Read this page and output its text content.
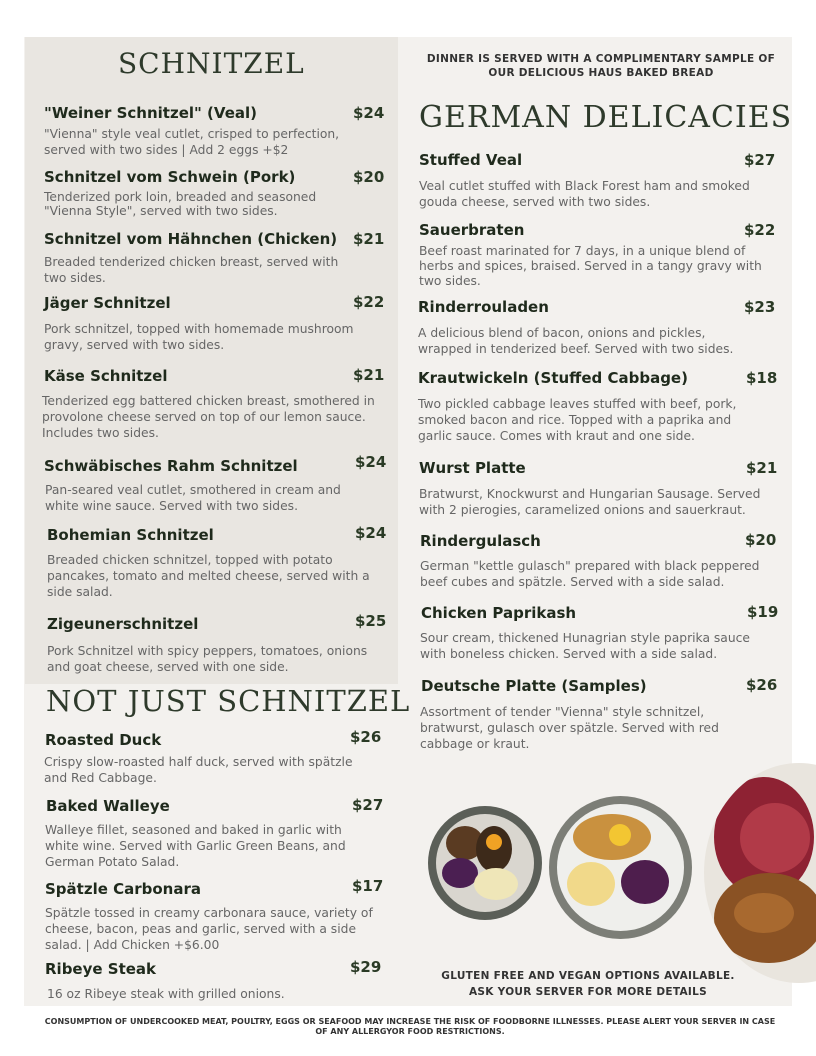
SCHNITZEL
GERMAN DELICACIES
NOT JUST SCHNITZEL
DINNER IS SERVED WITH A COMPLIMENTARY SAMPLE OF OUR DELICIOUS HAUS BAKED BREAD
"Weiner Schnitzel" (Veal)	$24
"Vienna" style veal cutlet, crisped to perfection, served with two sides | Add 2 eggs +$2
Schnitzel vom Schwein (Pork)	$20
Tenderized pork loin, breaded and seasoned "Vienna Style", served with two sides.
Schnitzel vom Hähnchen (Chicken) $21
Breaded tenderized chicken breast, served with two sides.
Jäger Schnitzel	$22
Pork schnitzel, topped with homemade mushroom gravy, served with two sides.
Käse Schnitzel	$21
Tenderized egg battered chicken breast, smothered in provolone cheese served on top of our lemon sauce. Includes two sides.
Schwäbisches Rahm Schnitzel	$24
Pan-seared veal cutlet, smothered in cream and white wine sauce. Served with two sides.
Bohemian Schnitzel	$24
Breaded chicken schnitzel, topped with potato pancakes, tomato and melted cheese, served with a side salad.
Zigeunerschnitzel	$25
Pork Schnitzel with spicy peppers, tomatoes, onions and goat cheese, served with one side.
Roasted Duck	$26
Crispy slow-roasted half duck, served with spätzle and Red Cabbage.
Baked Walleye	$27
Walleye fillet, seasoned and baked in garlic with white wine. Served with Garlic Green Beans, and German Potato Salad.
Spätzle Carbonara	$17
Spätzle tossed in creamy carbonara sauce, variety of cheese, bacon, peas and garlic, served with a side salad. | Add Chicken +$6.00
Ribeye Steak	$29
16 oz Ribeye steak with grilled onions.
Stuffed Veal	$27
Veal cutlet stuffed with Black Forest ham and smoked gouda cheese, served with two sides.
Sauerbraten	$22
Beef roast marinated for 7 days, in a unique blend of herbs and spices, braised. Served in a tangy gravy with two sides.
Rinderrouladen	$23
A delicious blend of bacon, onions and pickles, wrapped in tenderized beef. Served with two sides.
Krautwickeln (Stuffed Cabbage)	$18
Two pickled cabbage leaves stuffed with beef, pork, smoked bacon and rice. Topped with a paprika and garlic sauce. Comes with kraut and one side.
Wurst Platte	$21
Bratwurst, Knockwurst and Hungarian Sausage. Served with 2 pierogies, caramelized onions and sauerkraut.
Rindergulasch	$20
German "kettle gulasch" prepared with black peppered beef cubes and spätzle. Served with a side salad.
Chicken Paprikash	$19
Sour cream, thickened Hunagrian style paprika sauce with boneless chicken. Served with a side salad.
Deutsche Platte (Samples)	$26
Assortment of tender "Vienna" style schnitzel, bratwurst, gulasch over spätzle. Served with red cabbage or kraut.
GLUTEN FREE AND VEGAN OPTIONS AVAILABLE.
ASK YOUR SERVER FOR MORE DETAILS
CONSUMPTION OF UNDERCOOKED MEAT, POULTRY, EGGS OR SEAFOOD MAY INCREASE THE RISK OF FOODBORNE ILLNESSES. PLEASE ALERT YOUR SERVER IN CASE OF ANY ALLERGYOR FOOD RESTRICTIONS.
